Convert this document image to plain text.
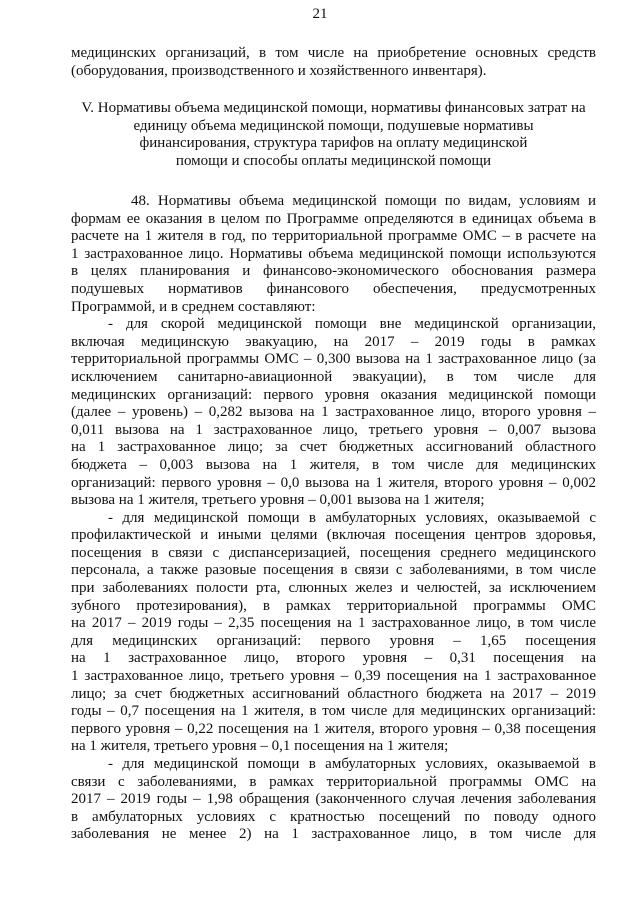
21
медицинских организаций, в том числе на приобретение основных средств
(оборудования, производственного и хозяйственного инвентаря).
V. Нормативы объема медицинской помощи, нормативы финансовых затрат на
единицу объема медицинской помощи, подушевые нормативы
финансирования, структура тарифов на оплату медицинской
помощи и способы оплаты медицинской помощи
48. Нормативы объема медицинской помощи по видам, условиям и
формам ее оказания в целом по Программе определяются в единицах объема в
расчете на 1 жителя в год, по территориальной программе ОМС – в расчете на
1 застрахованное лицо. Нормативы объема медицинской помощи используются
в целях планирования и финансово-экономического обоснования размера
подушевых нормативов финансового обеспечения, предусмотренных
Программой, и в среднем составляют:
- для скорой медицинской помощи вне медицинской организации,
включая медицинскую эвакуацию, на 2017 – 2019 годы в рамках
территориальной программы ОМС – 0,300 вызова на 1 застрахованное лицо (за
исключением санитарно-авиационной эвакуации), в том числе для
медицинских организаций: первого уровня оказания медицинской помощи
(далее – уровень) – 0,282 вызова на 1 застрахованное лицо, второго уровня –
0,011 вызова на 1 застрахованное лицо, третьего уровня – 0,007 вызова
на 1 застрахованное лицо; за счет бюджетных ассигнований областного
бюджета – 0,003 вызова на 1 жителя, в том числе для медицинских
организаций: первого уровня – 0,0 вызова на 1 жителя, второго уровня – 0,002
вызова на 1 жителя, третьего уровня – 0,001 вызова на 1 жителя;
- для медицинской помощи в амбулаторных условиях, оказываемой с
профилактической и иными целями (включая посещения центров здоровья,
посещения в связи с диспансеризацией, посещения среднего медицинского
персонала, а также разовые посещения в связи с заболеваниями, в том числе
при заболеваниях полости рта, слюнных желез и челюстей, за исключением
зубного протезирования), в рамках территориальной программы ОМС
на 2017 – 2019 годы – 2,35 посещения на 1 застрахованное лицо, в том числе
для медицинских организаций: первого уровня – 1,65 посещения
на 1 застрахованное лицо, второго уровня – 0,31 посещения на
1 застрахованное лицо, третьего уровня – 0,39 посещения на 1 застрахованное
лицо; за счет бюджетных ассигнований областного бюджета на 2017 – 2019
годы – 0,7 посещения на 1 жителя, в том числе для медицинских организаций:
первого уровня – 0,22 посещения на 1 жителя, второго уровня – 0,38 посещения
на 1 жителя, третьего уровня – 0,1 посещения на 1 жителя;
- для медицинской помощи в амбулаторных условиях, оказываемой в
связи с заболеваниями, в рамках территориальной программы ОМС на
2017 – 2019 годы – 1,98 обращения (законченного случая лечения заболевания
в амбулаторных условиях с кратностью посещений по поводу одного
заболевания не менее 2) на 1 застрахованное лицо, в том числе для
